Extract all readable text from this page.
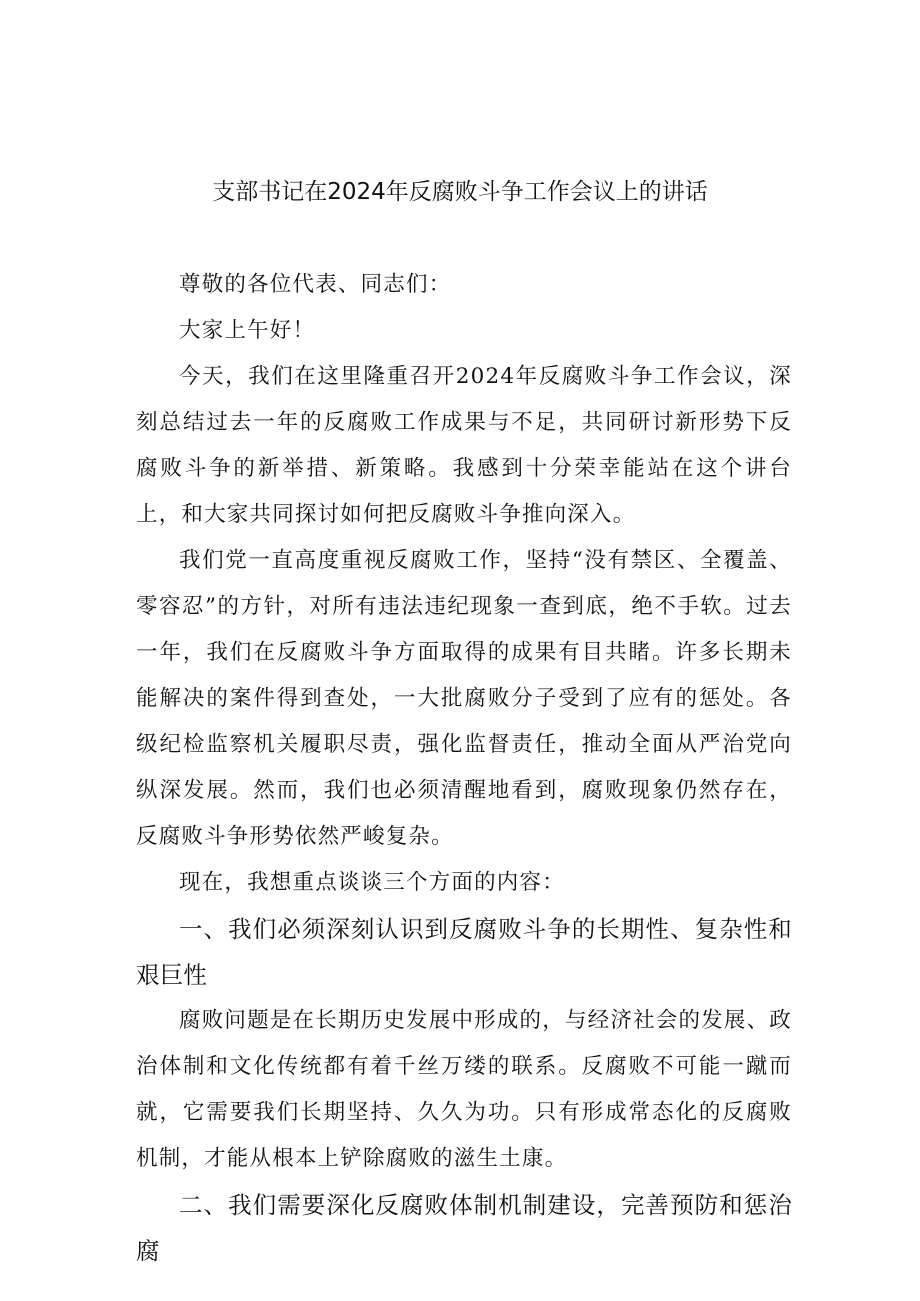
支部书记在2024年反腐败斗争工作会议上的讲话

尊敬的各位代表、同志们：

大家上午好！

今天，我们在这里隆重召开2024年反腐败斗争工作会议，深刻总结过去一年的反腐败工作成果与不足，共同研讨新形势下反腐败斗争的新举措、新策略。我感到十分荣幸能站在这个讲台上，和大家共同探讨如何把反腐败斗争推向深入。

我们党一直高度重视反腐败工作，坚持“没有禁区、全覆盖、零容忍”的方针，对所有违法违纪现象一查到底，绝不手软。过去一年，我们在反腐败斗争方面取得的成果有目共睹。许多长期未能解决的案件得到查处，一大批腐败分子受到了应有的惩处。各级纪检监察机关履职尽责，强化监督责任，推动全面从严治党向纵深发展。然而，我们也必须清醒地看到，腐败现象仍然存在，反腐败斗争形势依然严峻复杂。

现在，我想重点谈谈三个方面的内容：

一、我们必须深刻认识到反腐败斗争的长期性、复杂性和艰巨性

腐败问题是在长期历史发展中形成的，与经济社会的发展、政治体制和文化传统都有着千丝万缕的联系。反腐败不可能一蹴而就，它需要我们长期坚持、久久为功。只有形成常态化的反腐败机制，才能从根本上铲除腐败的滋生土康。

二、我们需要深化反腐败体制机制建设，完善预防和惩治腐
